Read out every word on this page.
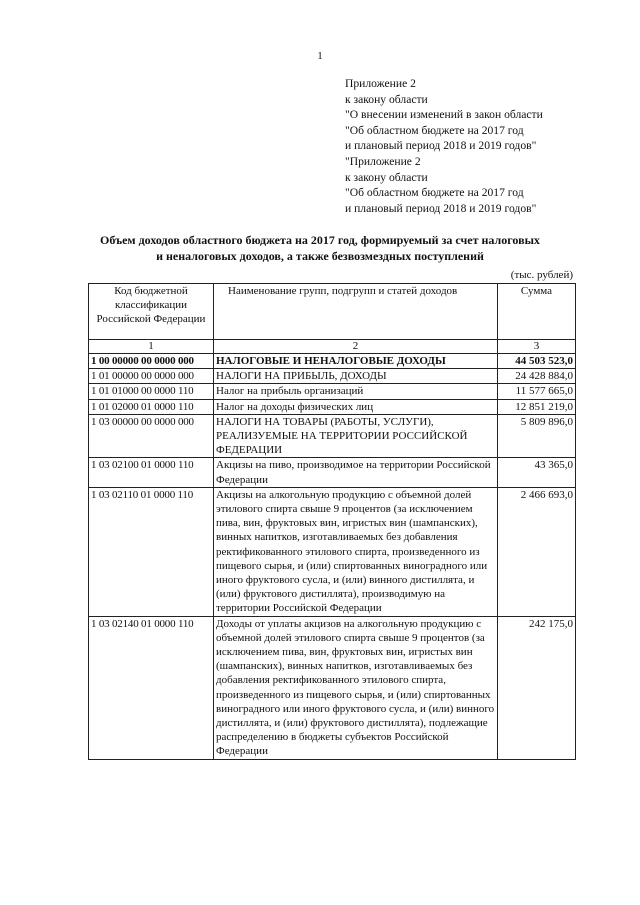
1
Приложение 2
к закону области
"О внесении изменений в закон области
"Об областном бюджете на 2017 год
и плановый период 2018 и 2019 годов"
"Приложение 2
к закону области
"Об областном бюджете на 2017 год
и плановый период 2018 и 2019 годов"
Объем доходов областного бюджета на 2017 год, формируемый за счет налоговых
и неналоговых доходов, а также безвозмездных поступлений
(тыс. рублей)
Код бюджетной классификации Российской Федерации	Наименование групп, подгрупп и статей доходов	Сумма
1	2	3
1 00 00000 00 0000 000	НАЛОГОВЫЕ И НЕНАЛОГОВЫЕ ДОХОДЫ	44 503 523,0
1 01 00000 00 0000 000	НАЛОГИ НА ПРИБЫЛЬ, ДОХОДЫ	24 428 884,0
1 01 01000 00 0000 110	Налог на прибыль организаций	11 577 665,0
1 01 02000 01 0000 110	Налог на доходы физических лиц	12 851 219,0
1 03 00000 00 0000 000	НАЛОГИ НА ТОВАРЫ (РАБОТЫ, УСЛУГИ), РЕАЛИЗУЕМЫЕ НА ТЕРРИТОРИИ РОССИЙСКОЙ ФЕДЕРАЦИИ	5 809 896,0
1 03 02100 01 0000 110	Акцизы на пиво, производимое на территории Российской Федерации	43 365,0
1 03 02110 01 0000 110	Акцизы на алкогольную продукцию с объемной долей этилового спирта свыше 9 процентов (за исключением пива, вин, фруктовых вин, игристых вин (шампанских), винных напитков, изготавливаемых без добавления ректификованного этилового спирта, произведенного из пищевого сырья, и (или) спиртованных виноградного или иного фруктового сусла, и (или) винного дистиллята, и (или) фруктового дистиллята), производимую на территории Российской Федерации	2 466 693,0
1 03 02140 01 0000 110	Доходы от уплаты акцизов на алкогольную продукцию с объемной долей этилового спирта свыше 9 процентов (за исключением пива, вин, фруктовых вин, игристых вин (шампанских), винных напитков, изготавливаемых без добавления ректификованного этилового спирта, произведенного из пищевого сырья, и (или) спиртованных виноградного или иного фруктового сусла, и (или) винного дистиллята, и (или) фруктового дистиллята), подлежащие распределению в бюджеты субъектов Российской Федерации	242 175,0
